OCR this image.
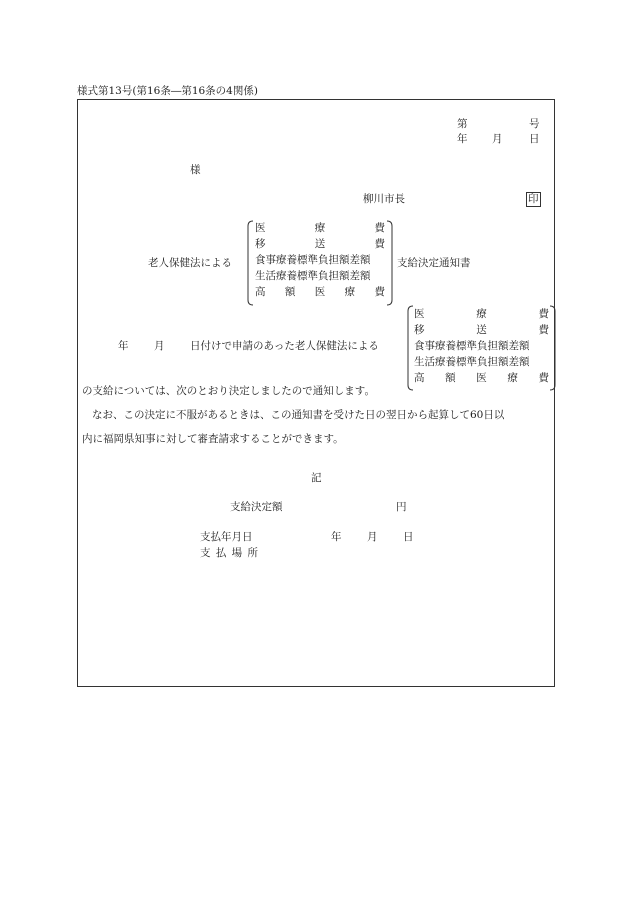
様式第13号(第16条―第16条の4関係)
第	号
年 月	日
様
柳川市長	印
老人保健法による
医	療	費
移	送	費
食事療養標準負担額差額
生活療養標準負担額差額
高 額 医 療 費
支給決定通知書
年 月 日付けで申請のあった老人保健法による
医	療	費
移	送	費
食事療養標準負担額差額
生活療養標準負担額差額
高 額 医 療 費
の支給については、次のとおり決定しましたので通知します。
なお、この決定に不服があるときは、この通知書を受けた日の翌日から起算して60日以
内に福岡県知事に対して審査請求することができます。
記
支給決定額	円
支払年月日	年 月 日
支 払 場 所
